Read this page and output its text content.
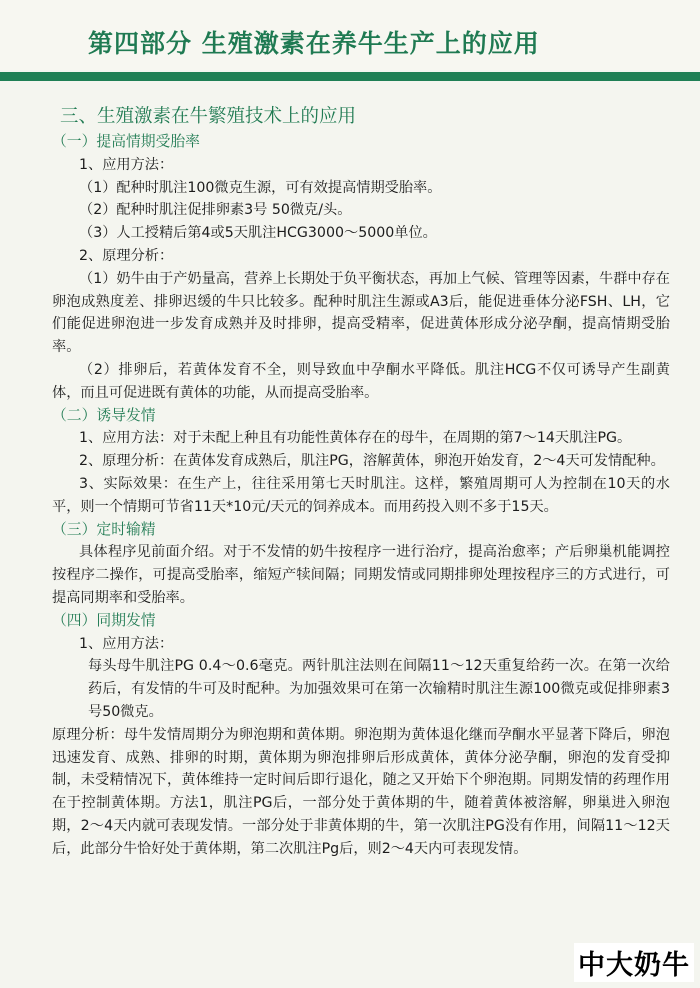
第四部分 生殖激素在养牛生产上的应用

三、生殖激素在牛繁殖技术上的应用

（一）提高情期受胎率

1、应用方法：

（1）配种时肌注100微克生源，可有效提高情期受胎率。

（2）配种时肌注促排卵素3号 50微克/头。

（3）人工授精后第4或5天肌注HCG3000～5000单位。

2、原理分析：

（1）奶牛由于产奶量高，营养上长期处于负平衡状态，再加上气候、管理等因素，牛群中存在卵泡成熟度差、排卵迟缓的牛只比较多。配种时肌注生源或A3后，能促进垂体分泌FSH、LH，它们能促进卵泡进一步发育成熟并及时排卵，提高受精率，促进黄体形成分泌孕酮，提高情期受胎率。

（2）排卵后，若黄体发育不全，则导致血中孕酮水平降低。肌注HCG不仅可诱导产生副黄体，而且可促进既有黄体的功能，从而提高受胎率。

（二）诱导发情

1、应用方法：对于未配上种且有功能性黄体存在的母牛，在周期的第7～14天肌注PG。

2、原理分析：在黄体发育成熟后，肌注PG，溶解黄体，卵泡开始发育，2～4天可发情配种。

3、实际效果：在生产上，往往采用第七天时肌注。这样，繁殖周期可人为控制在10天的水平，则一个情期可节省11天*10元/天元的饲养成本。而用药投入则不多于15天。

（三）定时输精

具体程序见前面介绍。对于不发情的奶牛按程序一进行治疗，提高治愈率；产后卵巢机能调控按程序二操作，可提高受胎率，缩短产犊间隔；同期发情或同期排卵处理按程序三的方式进行，可提高同期率和受胎率。

（四）同期发情

1、应用方法：

每头母牛肌注PG 0.4～0.6毫克。两针肌注法则在间隔11～12天重复给药一次。在第一次给药后，有发情的牛可及时配种。为加强效果可在第一次输精时肌注生源100微克或促排卵素3号50微克。

原理分析：母牛发情周期分为卵泡期和黄体期。卵泡期为黄体退化继而孕酮水平显著下降后，卵泡迅速发育、成熟、排卵的时期，黄体期为卵泡排卵后形成黄体，黄体分泌孕酮，卵泡的发育受抑制，未受精情况下，黄体维持一定时间后即行退化，随之又开始下个卵泡期。同期发情的药理作用在于控制黄体期。方法1，肌注PG后，一部分处于黄体期的牛，随着黄体被溶解，卵巢进入卵泡期，2～4天内就可表现发情。一部分处于非黄体期的牛，第一次肌注PG没有作用，间隔11～12天后，此部分牛恰好处于黄体期，第二次肌注Pg后，则2～4天内可表现发情。

中大奶牛
